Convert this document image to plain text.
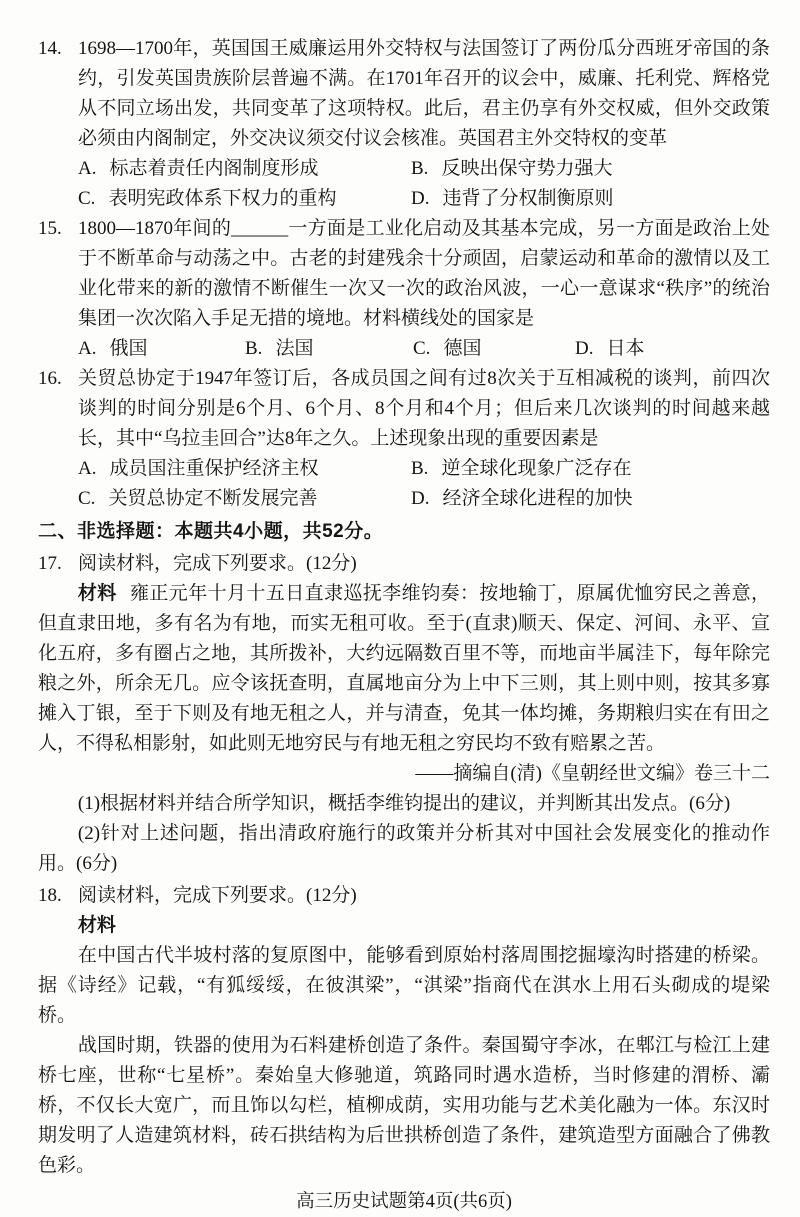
14. 1698—1700年，英国国王威廉运用外交特权与法国签订了两份瓜分西班牙帝国的条约，引发英国贵族阶层普遍不满。在1701年召开的议会中，威廉、托利党、辉格党从不同立场出发，共同变革了这项特权。此后，君主仍享有外交权威，但外交政策必须由内阁制定，外交决议须交付议会核准。英国君主外交特权的变革
A. 标志着责任内阁制度形成	B. 反映出保守势力强大
C. 表明宪政体系下权力的重构	D. 违背了分权制衡原则
15. 1800—1870年间的______一方面是工业化启动及其基本完成，另一方面是政治上处于不断革命与动荡之中。古老的封建残余十分顽固，启蒙运动和革命的激情以及工业化带来的新的激情不断催生一次又一次的政治风波，一心一意谋求“秩序”的统治集团一次次陷入手足无措的境地。材料横线处的国家是
A. 俄国	B. 法国	C. 德国	D. 日本
16. 关贸总协定于1947年签订后，各成员国之间有过8次关于互相减税的谈判，前四次谈判的时间分别是6个月、6个月、8个月和4个月；但后来几次谈判的时间越来越长，其中“乌拉圭回合”达8年之久。上述现象出现的重要因素是
A. 成员国注重保护经济主权	B. 逆全球化现象广泛存在
C. 关贸总协定不断发展完善	D. 经济全球化进程的加快
二、非选择题：本题共4小题，共52分。
17. 阅读材料，完成下列要求。(12分)

材料 雍正元年十月十五日直隶巡抚李维钧奏：按地输丁，原属优恤穷民之善意，但直隶田地，多有名为有地，而实无租可收。至于(直隶)顺天、保定、河间、永平、宣化五府，多有圈占之地，其所拨补，大约远隔数百里不等，而地亩半属洼下，每年除完粮之外，所余无几。应令该抚查明，直属地亩分为上中下三则，其上则中则，按其多寡摊入丁银，至于下则及有地无租之人，并与清查，免其一体均摊，务期粮归实在有田之人，不得私相影射，如此则无地穷民与有地无租之穷民均不致有赔累之苦。

——摘编自(清)《皇朝经世文编》卷三十二

(1)根据材料并结合所学知识，概括李维钧提出的建议，并判断其出发点。(6分)

(2)针对上述问题，指出清政府施行的政策并分析其对中国社会发展变化的推动作用。(6分)

18. 阅读材料，完成下列要求。(12分)
材料

在中国古代半坡村落的复原图中，能够看到原始村落周围挖掘壕沟时搭建的桥梁。据《诗经》记载，“有狐绥绥，在彼淇梁”，“淇梁”指商代在淇水上用石头砌成的堤梁桥。

战国时期，铁器的使用为石料建桥创造了条件。秦国蜀守李冰，在郫江与检江上建桥七座，世称“七星桥”。秦始皇大修驰道，筑路同时遇水造桥，当时修建的渭桥、灞桥，不仅长大宽广，而且饰以勾栏，植柳成荫，实用功能与艺术美化融为一体。东汉时期发明了人造建筑材料，砖石拱结构为后世拱桥创造了条件，建筑造型方面融合了佛教色彩。

高三历史试题第4页(共6页)
